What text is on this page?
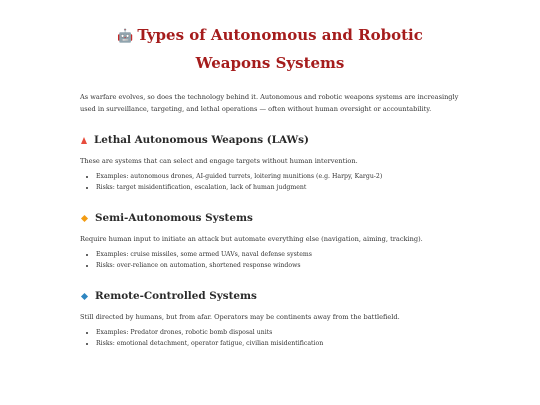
🤖 Types of Autonomous and Robotic Weapons Systems

As warfare evolves, so does the technology behind it. Autonomous and robotic weapons systems are increasingly used in surveillance, targeting, and lethal operations — often without human oversight or accountability.

Lethal Autonomous Weapons (LAWs)

These are systems that can select and engage targets without human intervention.

• Examples: autonomous drones, AI-guided turrets, loitering munitions (e.g. Harpy, Kargu-2)
• Risks: target misidentification, escalation, lack of human judgment
Semi-Autonomous Systems

Require human input to initiate an attack but automate everything else (navigation, aiming, tracking).

• Examples: cruise missiles, some armed UAVs, naval defense systems
• Risks: over-reliance on automation, shortened response windows
Remote-Controlled Systems

Still directed by humans, but from afar. Operators may be continents away from the battlefield.

• Examples: Predator drones, robotic bomb disposal units
• Risks: emotional detachment, operator fatigue, civilian misidentification
